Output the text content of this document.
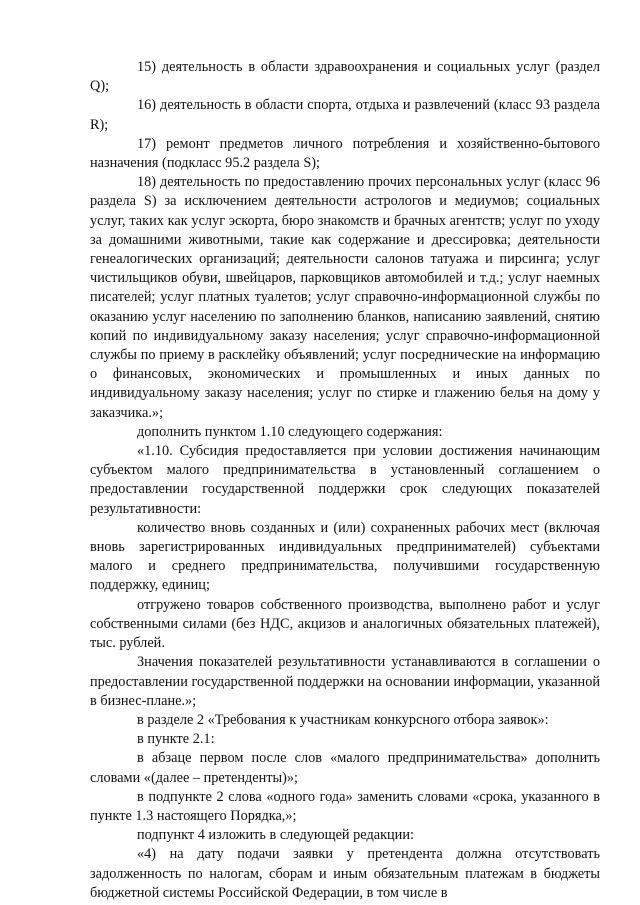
15) деятельность в области здравоохранения и социальных услуг (раздел Q);

16) деятельность в области спорта, отдыха и развлечений (класс 93 раздела R);

17) ремонт предметов личного потребления и хозяйственно-бытового назначения (подкласс 95.2 раздела S);

18) деятельность по предоставлению прочих персональных услуг (класс 96 раздела S) за исключением деятельности астрологов и медиумов; социальных услуг, таких как услуг эскорта, бюро знакомств и брачных агентств; услуг по уходу за домашними животными, такие как содержание и дрессировка; деятельности генеалогических организаций; деятельности салонов татуажа и пирсинга; услуг чистильщиков обуви, швейцаров, парковщиков автомобилей и т.д.; услуг наемных писателей; услуг платных туалетов; услуг справочно-информационной службы по оказанию услуг населению по заполнению бланков, написанию заявлений, снятию копий по индивидуальному заказу населения; услуг справочно-информационной службы по приему в расклейку объявлений; услуг посреднические на информацию о финансовых, экономических и промышленных и иных данных по индивидуальному заказу населения; услуг по стирке и глажению белья на дому у заказчика.»;

дополнить пунктом 1.10 следующего содержания:

«1.10. Субсидия предоставляется при условии достижения начинающим субъектом малого предпринимательства в установленный соглашением о предоставлении государственной поддержки срок следующих показателей результативности:

количество вновь созданных и (или) сохраненных рабочих мест (включая вновь зарегистрированных индивидуальных предпринимателей) субъектами малого и среднего предпринимательства, получившими государственную поддержку, единиц;

отгружено товаров собственного производства, выполнено работ и услуг собственными силами (без НДС, акцизов и аналогичных обязательных платежей), тыс. рублей.

Значения показателей результативности устанавливаются в соглашении о предоставлении государственной поддержки на основании информации, указанной в бизнес-плане.»;

в разделе 2 «Требования к участникам конкурсного отбора заявок»:

в пункте 2.1:

в абзаце первом после слов «малого предпринимательства» дополнить словами «(далее – претенденты)»;

в подпункте 2 слова «одного года» заменить словами «срока, указанного в пункте 1.3 настоящего Порядка,»;

подпункт 4 изложить в следующей редакции:

«4) на дату подачи заявки у претендента должна отсутствовать задолженность по налогам, сборам и иным обязательным платежам в бюджеты бюджетной системы Российской Федерации, в том числе в
